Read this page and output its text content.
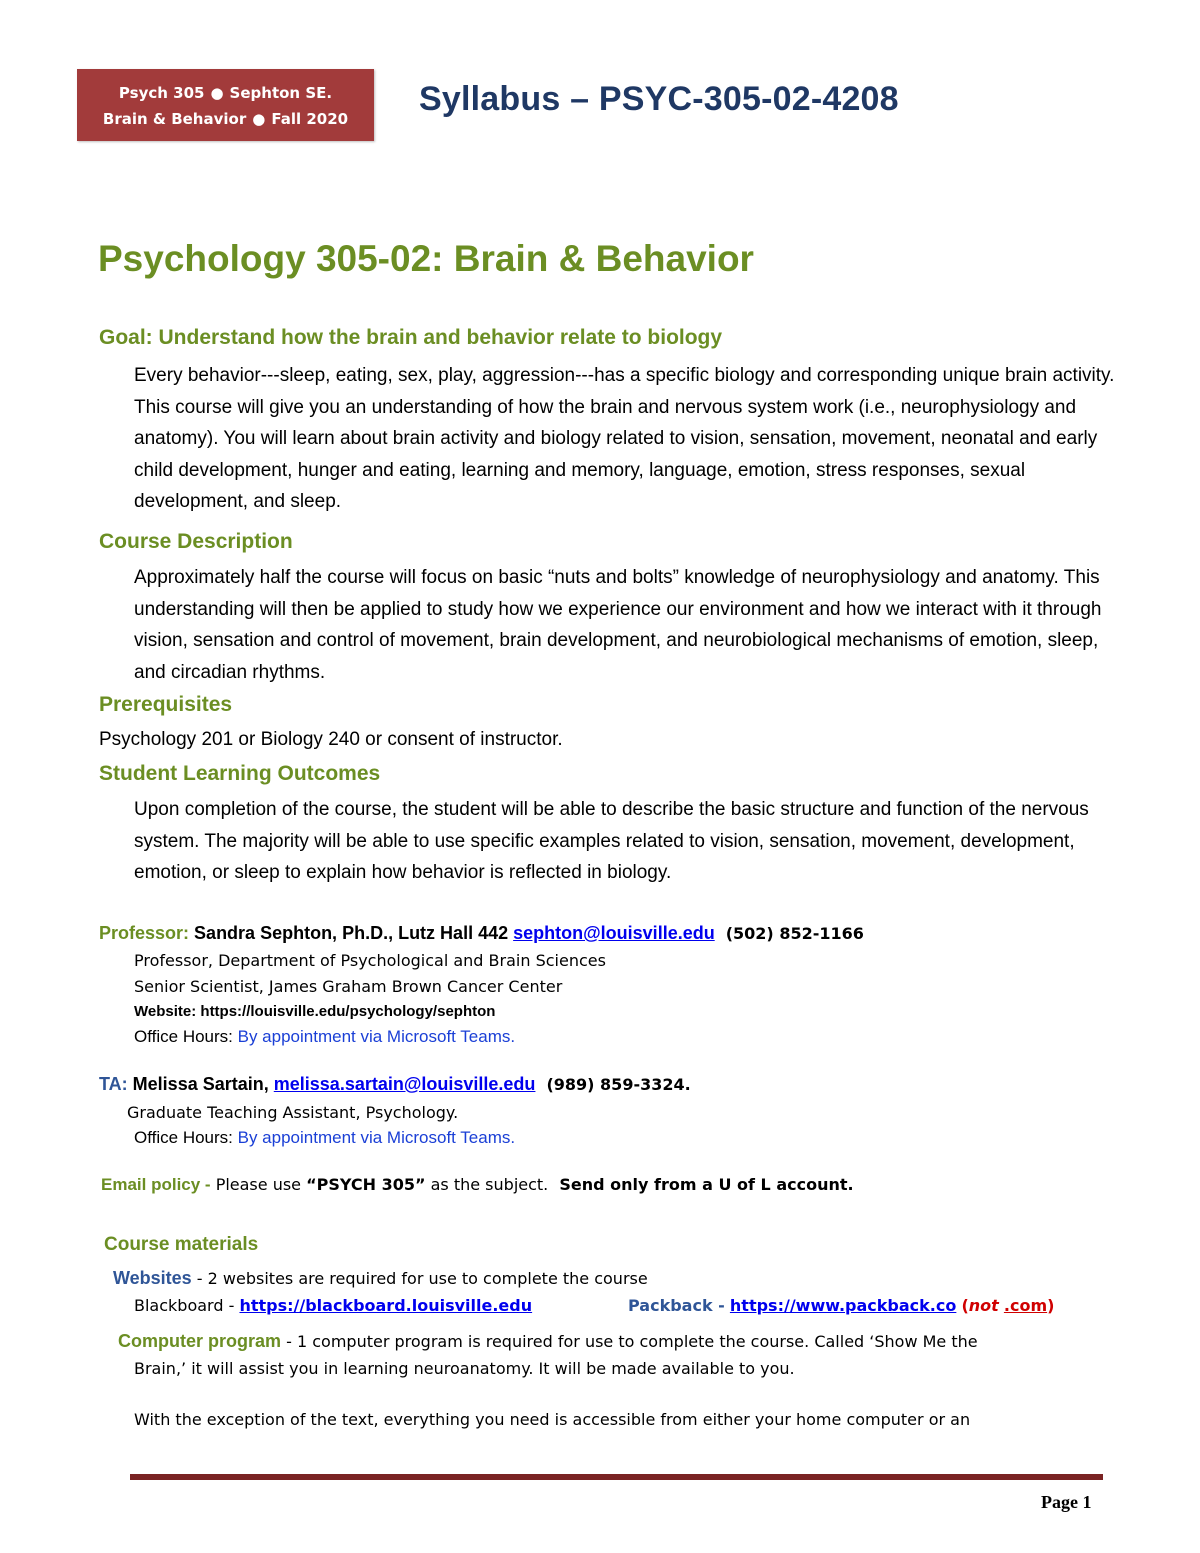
Psych 305 ● Sephton SE.
Brain & Behavior ● Fall 2020
Syllabus – PSYC-305-02-4208
Psychology 305-02: Brain & Behavior
Goal: Understand how the brain and behavior relate to biology
Every behavior---sleep, eating, sex, play, aggression---has a specific biology and corresponding unique brain activity. This course will give you an understanding of how the brain and nervous system work (i.e., neurophysiology and anatomy). You will learn about brain activity and biology related to vision, sensation, movement, neonatal and early child development, hunger and eating, learning and memory, language, emotion, stress responses, sexual development, and sleep.
Course Description
Approximately half the course will focus on basic “nuts and bolts” knowledge of neurophysiology and anatomy. This understanding will then be applied to study how we experience our environment and how we interact with it through vision, sensation and control of movement, brain development, and neurobiological mechanisms of emotion, sleep, and circadian rhythms.
Prerequisites
Psychology 201 or Biology 240 or consent of instructor.
Student Learning Outcomes
Upon completion of the course, the student will be able to describe the basic structure and function of the nervous system. The majority will be able to use specific examples related to vision, sensation, movement, development, emotion, or sleep to explain how behavior is reflected in biology.
Professor: Sandra Sephton, Ph.D., Lutz Hall 442 sephton@louisville.edu (502) 852-1166
Professor, Department of Psychological and Brain Sciences
Senior Scientist, James Graham Brown Cancer Center
Website: https://louisville.edu/psychology/sephton
Office Hours: By appointment via Microsoft Teams.
TA: Melissa Sartain, melissa.sartain@louisville.edu (989) 859-3324.
Graduate Teaching Assistant, Psychology.
Office Hours: By appointment via Microsoft Teams.
Email policy - Please use “PSYCH 305” as the subject. Send only from a U of L account.
Course materials
Websites - 2 websites are required for use to complete the course
Blackboard - https://blackboard.louisville.edu	Packback - https://www.packback.co (not .com)
Computer program - 1 computer program is required for use to complete the course. Called ‘Show Me the
Brain,’ it will assist you in learning neuroanatomy. It will be made available to you.
With the exception of the text, everything you need is accessible from either your home computer or an
Page 1
